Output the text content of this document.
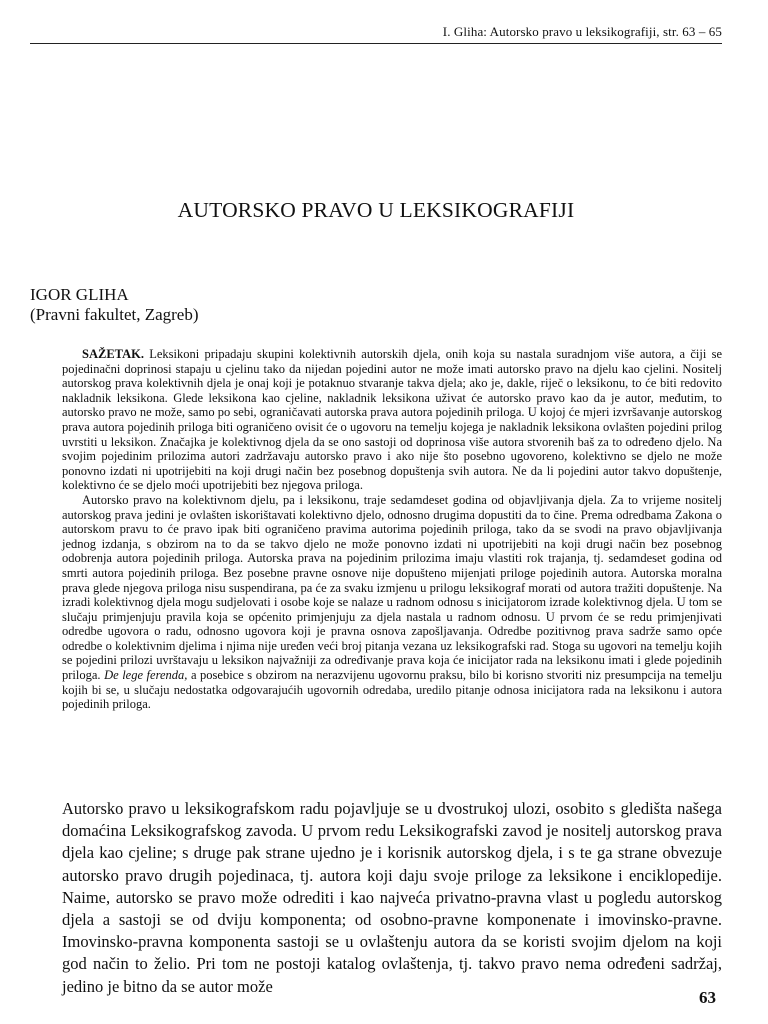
I. Gliha: Autorsko pravo u leksikografiji, str. 63 – 65
AUTORSKO PRAVO U LEKSIKOGRAFIJI
IGOR GLIHA
(Pravni fakultet, Zagreb)

SAŽETAK. Leksikoni pripadaju skupini kolektivnih autorskih djela, onih koja su nastala suradnjom više autora, a čiji se pojedinačni doprinosi stapaju u cjelinu tako da nijedan pojedini autor ne može imati autorsko pravo na djelu kao cjelini. Nositelj autorskog prava kolektivnih djela je onaj koji je potaknuo stvaranje takva djela; ako je, dakle, riječ o leksikonu, to će biti redovito nakladnik leksikona. Glede leksikona kao cjeline, nakladnik leksikona uživat će autorsko pravo kao da je autor, međutim, to autorsko pravo ne može, samo po sebi, ograničavati autorska prava autora pojedinih priloga. U kojoj će mjeri izvršavanje autorskog prava autora pojedinih priloga biti ograničeno ovisit će o ugovoru na temelju kojega je nakladnik leksikona ovlašten pojedini prilog uvrstiti u leksikon. Značajka je kolektivnog djela da se ono sastoji od doprinosa više autora stvorenih baš za to određeno djelo. Na svojim pojedinim prilozima autori zadržavaju autorsko pravo i ako nije što posebno ugovoreno, kolektivno se djelo ne može ponovno izdati ni upotrijebiti na koji drugi način bez posebnog dopuštenja svih autora. Ne da li pojedini autor takvo dopuštenje, kolektivno će se djelo moći upotrijebiti bez njegova priloga.

Autorsko pravo na kolektivnom djelu, pa i leksikonu, traje sedamdeset godina od objavljivanja djela. Za to vrijeme nositelj autorskog prava jedini je ovlašten iskorištavati kolektivno djelo, odnosno drugima dopustiti da to čine. Prema odredbama Zakona o autorskom pravu to će pravo ipak biti ograničeno pravima autorima pojedinih priloga, tako da se svodi na pravo objavljivanja jednog izdanja, s obzirom na to da se takvo djelo ne može ponovno izdati ni upotrijebiti na koji drugi način bez posebnog odobrenja autora pojedinih priloga. Autorska prava na pojedinim prilozima imaju vlastiti rok trajanja, tj. sedamdeset godina od smrti autora pojedinih priloga. Bez posebne pravne osnove nije dopušteno mijenjati priloge pojedinih autora. Autorska moralna prava glede njegova priloga nisu suspendirana, pa će za svaku izmjenu u prilogu leksikograf morati od autora tražiti dopuštenje. Na izradi kolektivnog djela mogu sudjelovati i osobe koje se nalaze u radnom odnosu s inicijatorom izrade kolektivnog djela. U tom se slučaju primjenjuju pravila koja se općenito primjenjuju za djela nastala u radnom odnosu. U prvom će se redu primjenjivati odredbe ugovora o radu, odnosno ugovora koji je pravna osnova zapošljavanja. Odredbe pozitivnog prava sadrže samo opće odredbe o kolektivnim djelima i njima nije uređen veći broj pitanja vezana uz leksikografski rad. Stoga su ugovori na temelju kojih se pojedini prilozi uvrštavaju u leksikon najvažniji za određivanje prava koja će inicijator rada na leksikonu imati i glede pojedinih priloga. De lege ferenda, a posebice s obzirom na nerazvijenu ugovornu praksu, bilo bi korisno stvoriti niz presumpcija na temelju kojih bi se, u slučaju nedostatka odgovarajućih ugovornih odredaba, uredilo pitanje odnosa inicijatora rada na leksikonu i autora pojedinih priloga.

Autorsko pravo u leksikografskom radu pojavljuje se u dvostrukoj ulozi, osobito s gledišta našega domaćina Leksikografskog zavoda. U prvom redu Leksikografski zavod je nositelj autorskog prava djela kao cjeline; s druge pak strane ujedno je i korisnik autorskog djela, i s te ga strane obvezuje autorsko pravo drugih pojedinaca, tj. autora koji daju svoje priloge za leksikone i enciklopedije. Naime, autorsko se pravo može odrediti i kao najveća privatno-pravna vlast u pogledu autorskog djela a sastoji se od dviju komponenta; od osobno-pravne komponenate i imovinsko-pravne. Imovinsko-pravna komponenta sastoji se u ovlaštenju autora da se koristi svojim djelom na koji god način to želio. Pri tom ne postoji katalog ovlaštenja, tj. takvo pravo nema određeni sadržaj, jedino je bitno da se autor može

63
